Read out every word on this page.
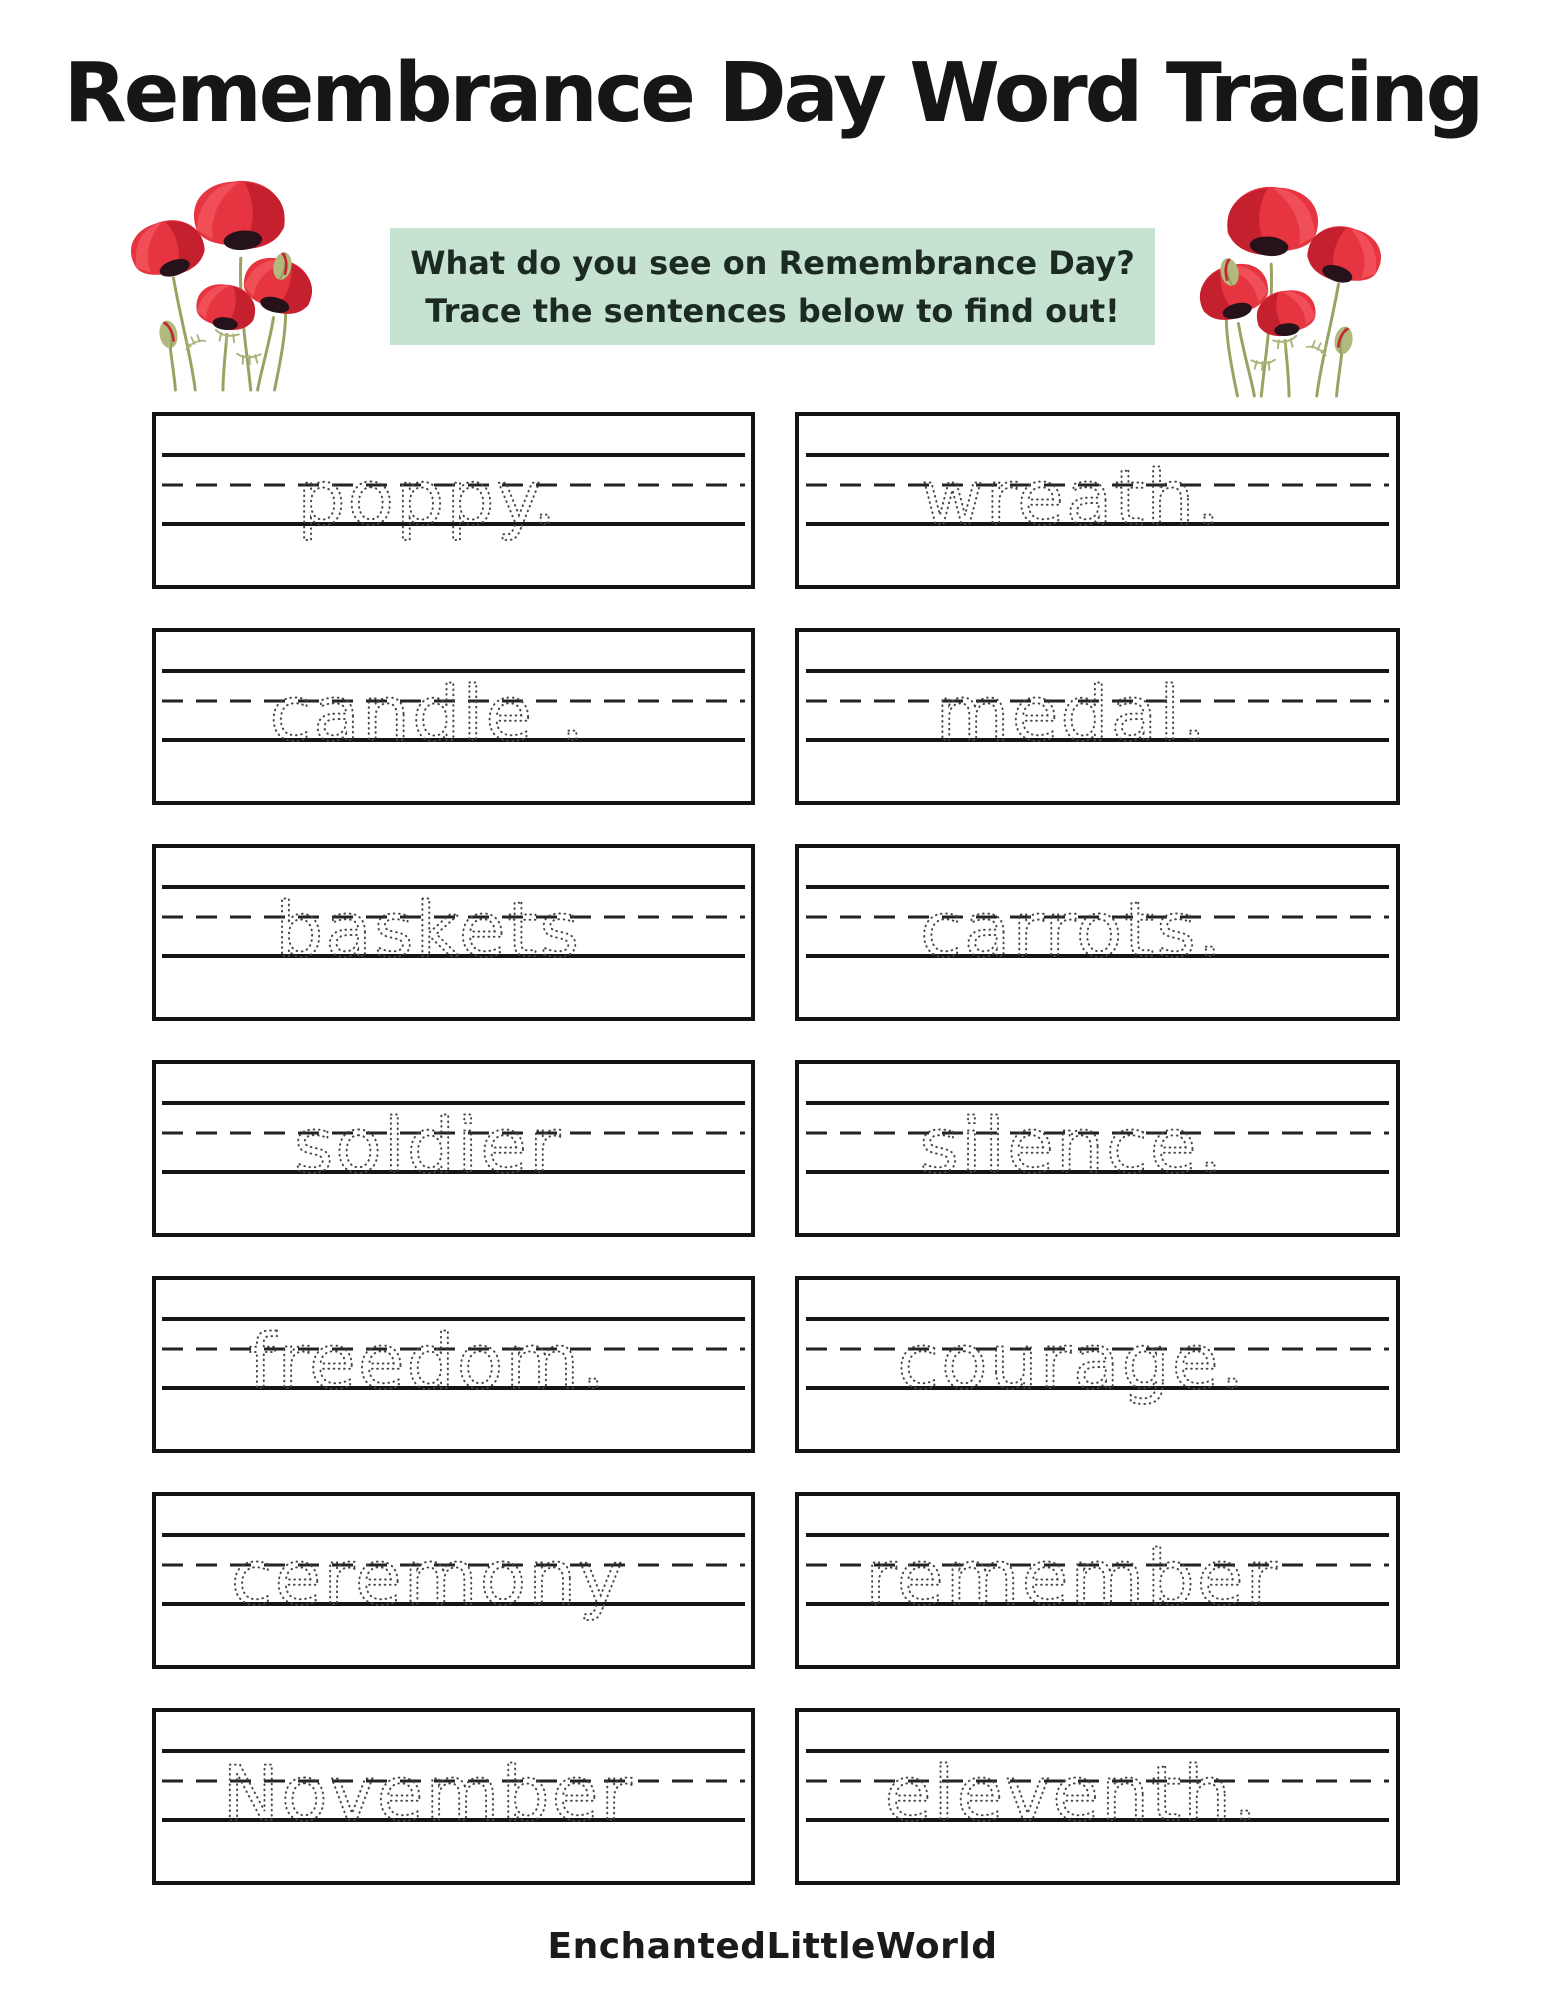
Remembrance Day Word Tracing
What do you see on Remembrance Day?
Trace the sentences below to find out!
poppy.	wreath.
candle .	medal.
baskets	carrots.
soldier	silence.
freedom.	courage.
ceremony	remember
November	eleventh.
EnchantedLittleWorld
